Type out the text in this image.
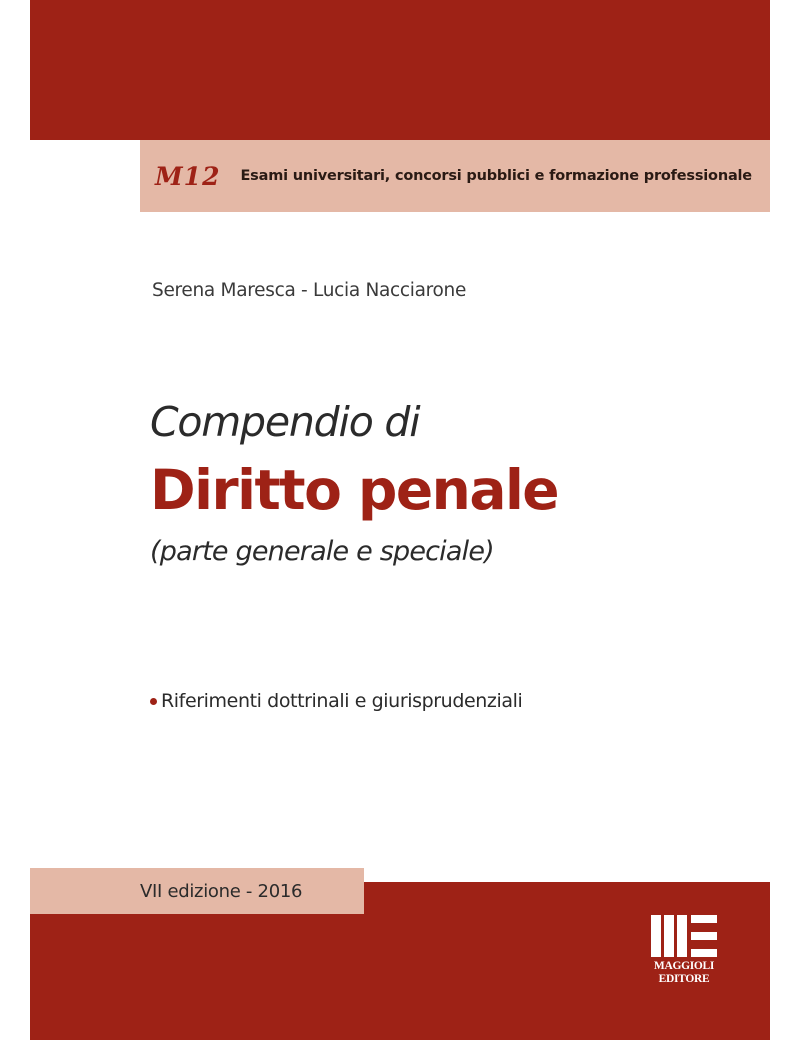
M12 Esami universitari, concorsi pubblici e formazione professionale
Serena Maresca - Lucia Nacciarone
Compendio di
Diritto penale
(parte generale e speciale)
Riferimenti dottrinali e giurisprudenziali
VII edizione - 2016
MAGGIOLI
EDITORE
